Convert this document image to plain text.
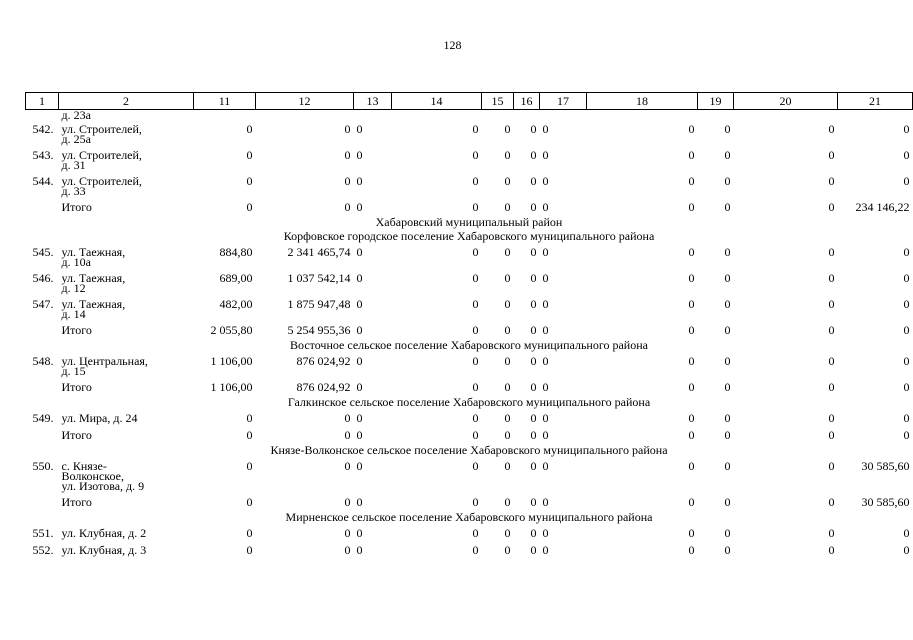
128
1	2	11	12	13	14	15	16	17	18	19	20	21
	д. 23а											
542.	ул. Строителей,
д. 25а	0	0	0	0	0	0	0	0	0	0	0
543.	ул. Строителей,
д. 31	0	0	0	0	0	0	0	0	0	0	0
544.	ул. Строителей,
д. 33	0	0	0	0	0	0	0	0	0	0	0
	Итого	0	0	0	0	0	0	0	0	0	0	234 146,22
Хабаровский муниципальный район												
Корфовское городское поселение Хабаровского муниципального района												
545.	ул. Таежная,
д. 10а	884,80	2 341 465,74	0	0	0	0	0	0	0	0	0
546.	ул. Таежная,
д. 12	689,00	1 037 542,14	0	0	0	0	0	0	0	0	0
547.	ул. Таежная,
д. 14	482,00	1 875 947,48	0	0	0	0	0	0	0	0	0
	Итого	2 055,80	5 254 955,36	0	0	0	0	0	0	0	0	0
Восточное сельское поселение Хабаровского муниципального района												
548.	ул. Центральная,
д. 15	1 106,00	876 024,92	0	0	0	0	0	0	0	0	0
	Итого	1 106,00	876 024,92	0	0	0	0	0	0	0	0	0
Галкинское сельское поселение Хабаровского муниципального района												
549.	ул. Мира, д. 24	0	0	0	0	0	0	0	0	0	0	0
	Итого	0	0	0	0	0	0	0	0	0	0	0
Князе-Волконское сельское поселение Хабаровского муниципального района												
550.	с. Князе-
Волконское,
ул. Изотова, д. 9	0	0	0	0	0	0	0	0	0	0	30 585,60
	Итого	0	0	0	0	0	0	0	0	0	0	30 585,60
Мирненское сельское поселение Хабаровского муниципального района												
551.	ул. Клубная, д. 2	0	0	0	0	0	0	0	0	0	0	0
552.	ул. Клубная, д. 3	0	0	0	0	0	0	0	0	0	0	0
